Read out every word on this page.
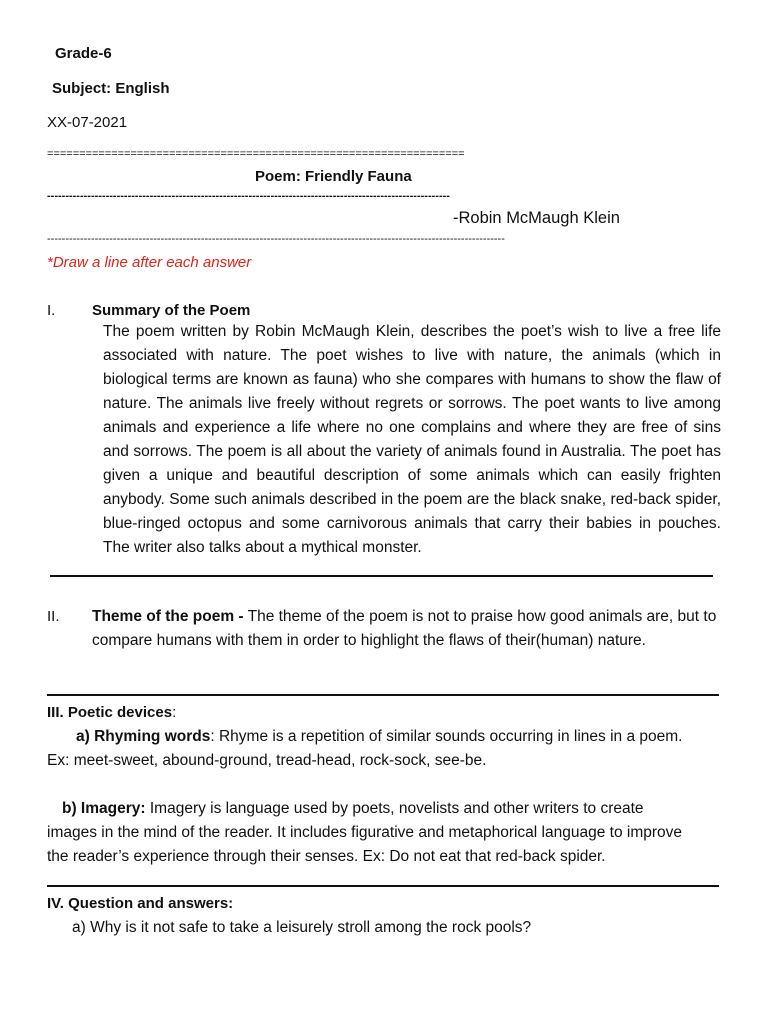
Grade-6
Subject: English
XX-07-2021
=================================================================
Poem: Friendly Fauna
--------------------------------------------------------------------------------------------------------------
-Robin McMaugh Klein
-----------------------------------------------------------------------------------------------------------------------------
*Draw a line after each answer
I. Summary of the Poem
The poem written by Robin McMaugh Klein, describes the poet’s wish to live a free life associated with nature. The poet wishes to live with nature, the animals (which in biological terms are known as fauna) who she compares with humans to show the flaw of nature. The animals live freely without regrets or sorrows. The poet wants to live among animals and experience a life where no one complains and where they are free of sins and sorrows. The poem is all about the variety of animals found in Australia. The poet has given a unique and beautiful description of some animals which can easily frighten anybody. Some such animals described in the poem are the black snake, red-back spider, blue-ringed octopus and some carnivorous animals that carry their babies in pouches. The writer also talks about a mythical monster.
II. Theme of the poem - The theme of the poem is not to praise how good animals are, but to compare humans with them in order to highlight the flaws of their(human) nature.
III. Poetic devices:
a) Rhyming words: Rhyme is a repetition of similar sounds occurring in lines in a poem.
Ex: meet-sweet, abound-ground, tread-head, rock-sock, see-be.
b) Imagery: Imagery is language used by poets, novelists and other writers to create images in the mind of the reader. It includes figurative and metaphorical language to improve the reader’s experience through their senses. Ex: Do not eat that red-back spider.
IV. Question and answers:
a) Why is it not safe to take a leisurely stroll among the rock pools?
